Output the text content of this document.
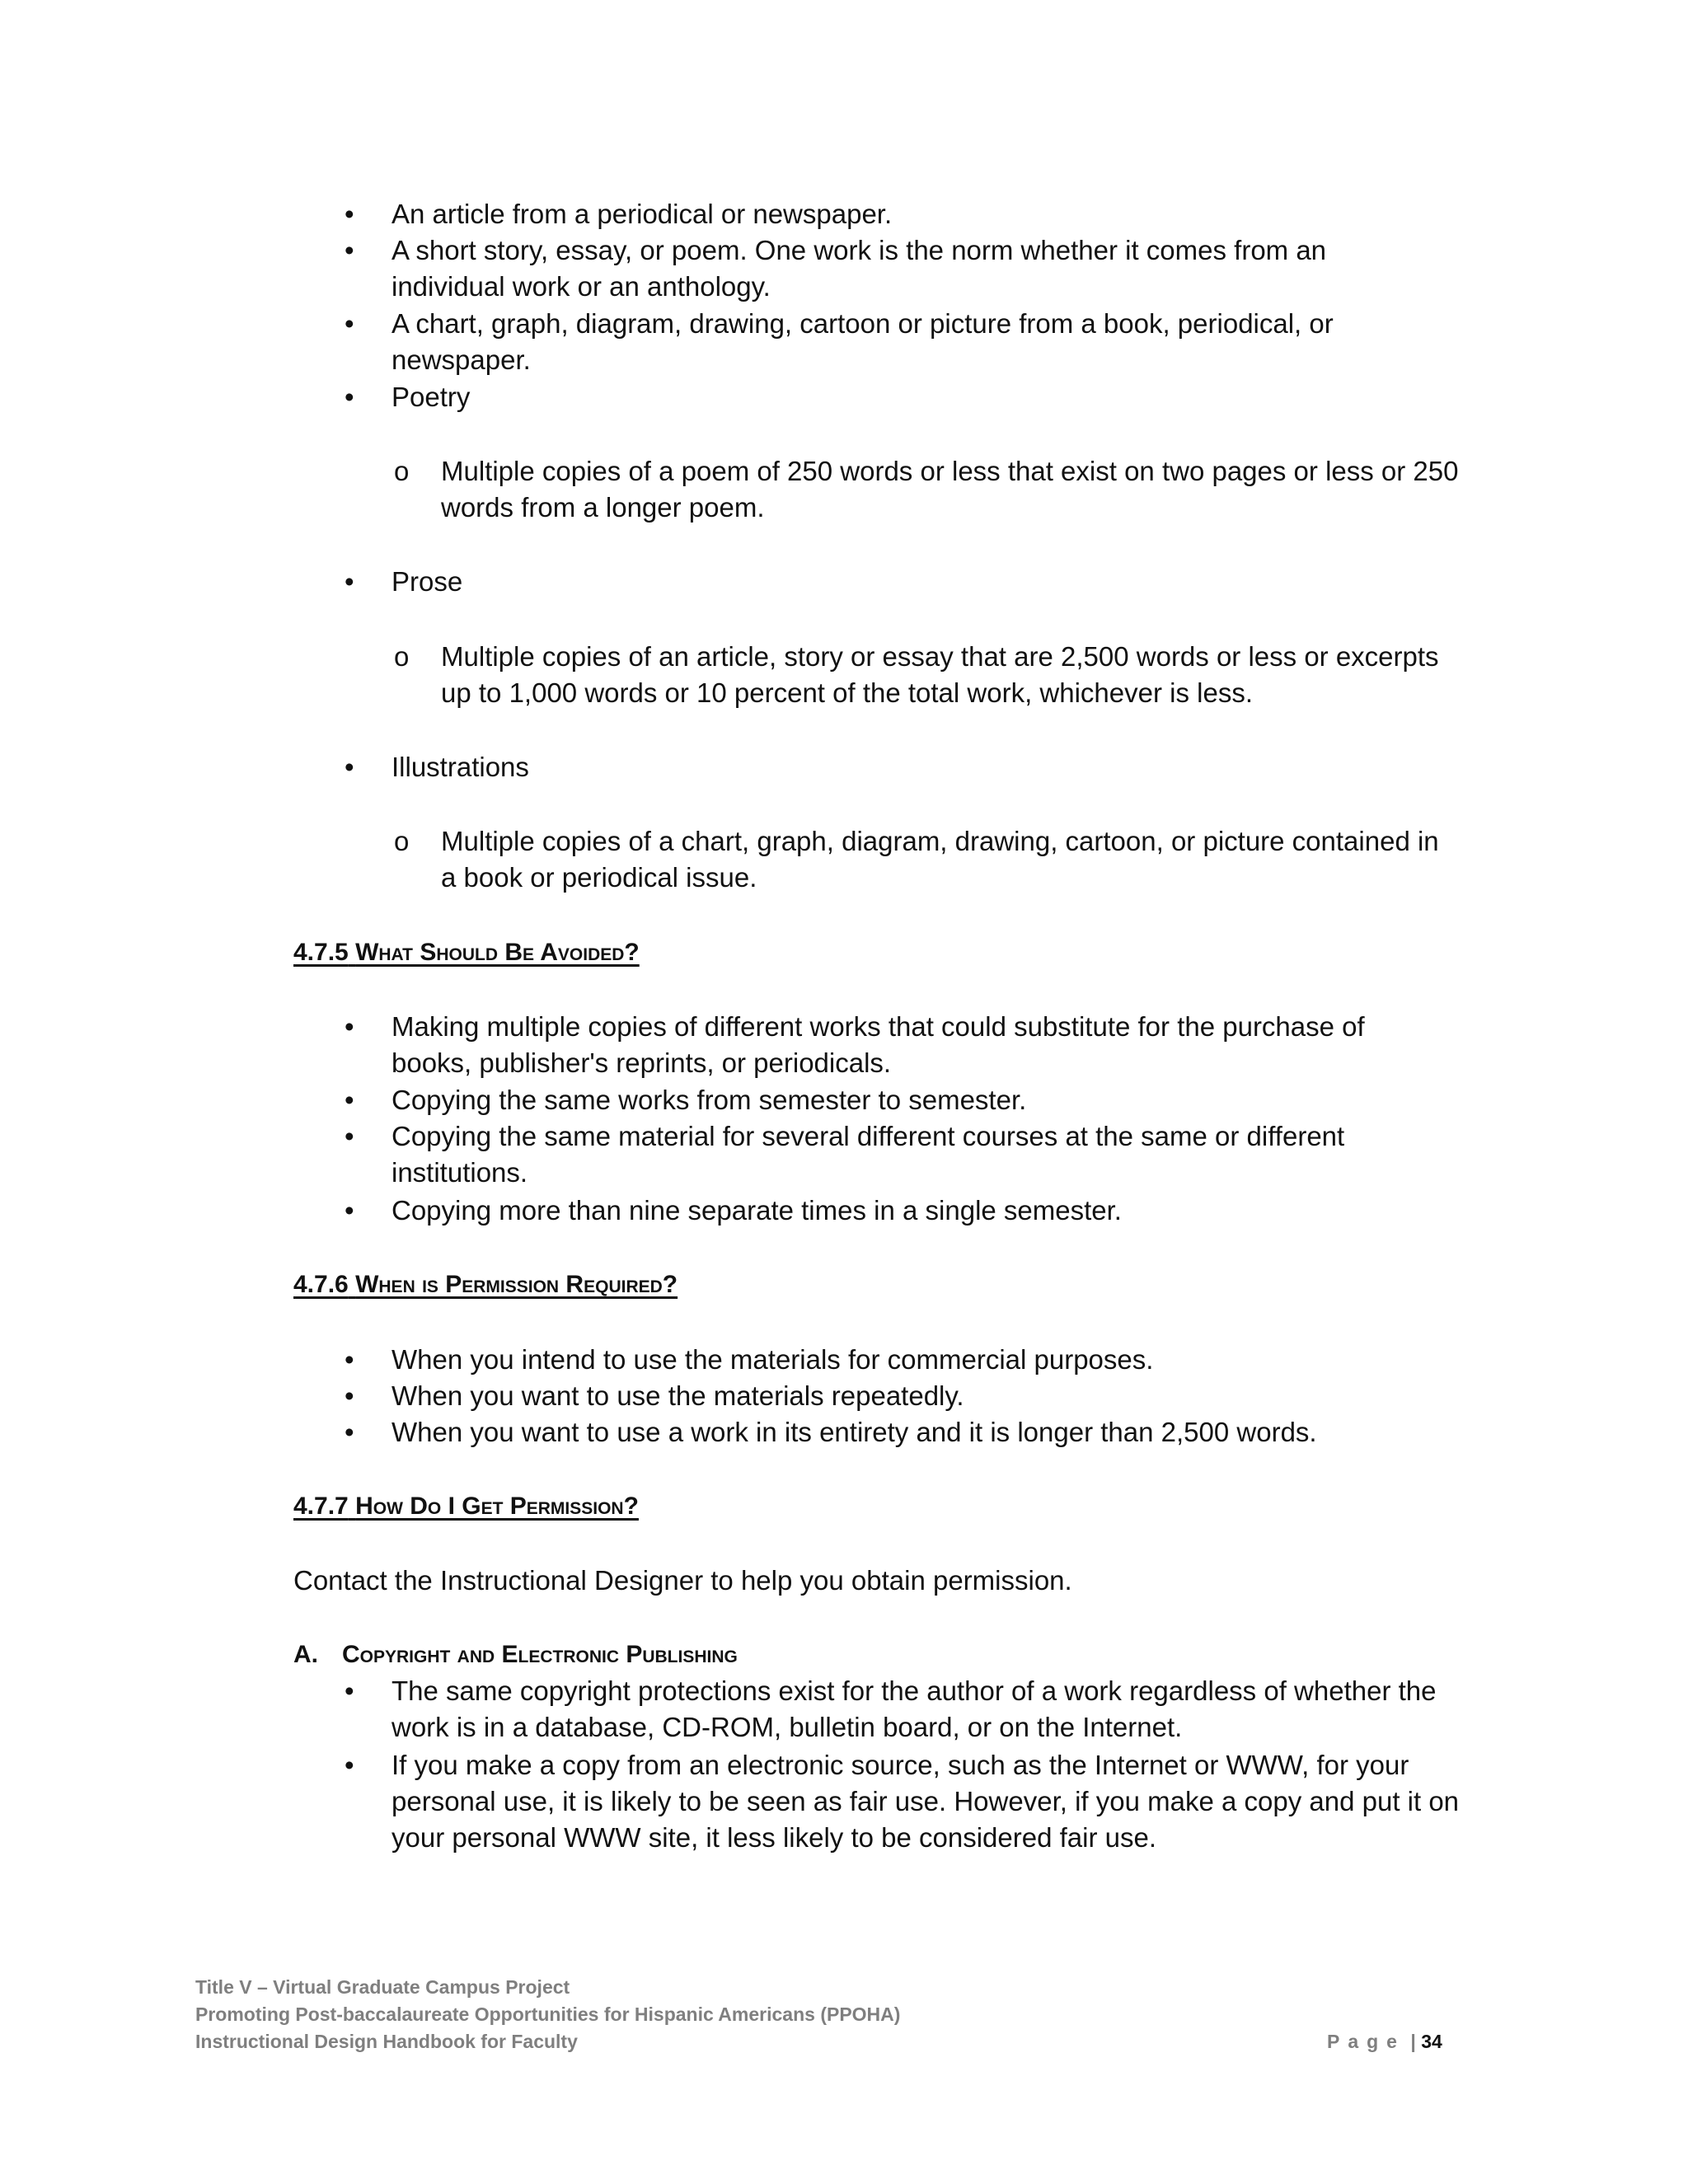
• An article from a periodical or newspaper.
• A short story, essay, or poem. One work is the norm whether it comes from an
individual work or an anthology.
• A chart, graph, diagram, drawing, cartoon or picture from a book, periodical, or
newspaper.
• Poetry
o Multiple copies of a poem of 250 words or less that exist on two pages or less or 250
words from a longer poem.
• Prose
o Multiple copies of an article, story or essay that are 2,500 words or less or excerpts
up to 1,000 words or 10 percent of the total work, whichever is less.
• Illustrations
o Multiple copies of a chart, graph, diagram, drawing, cartoon, or picture contained in
a book or periodical issue.
4.7.5 What Should Be Avoided?
• Making multiple copies of different works that could substitute for the purchase of
books, publisher's reprints, or periodicals.
• Copying the same works from semester to semester.
• Copying the same material for several different courses at the same or different
institutions.
• Copying more than nine separate times in a single semester.
4.7.6 When is Permission Required?
• When you intend to use the materials for commercial purposes.
• When you want to use the materials repeatedly.
• When you want to use a work in its entirety and it is longer than 2,500 words.
4.7.7 How Do I Get Permission?
Contact the Instructional Designer to help you obtain permission.
A. Copyright and Electronic Publishing
• The same copyright protections exist for the author of a work regardless of whether the
work is in a database, CD-ROM, bulletin board, or on the Internet.
• If you make a copy from an electronic source, such as the Internet or WWW, for your
personal use, it is likely to be seen as fair use. However, if you make a copy and put it on
your personal WWW site, it less likely to be considered fair use.
Title V – Virtual Graduate Campus Project
Promoting Post-baccalaureate Opportunities for Hispanic Americans (PPOHA)
Instructional Design Handbook for Faculty	Page | 34
